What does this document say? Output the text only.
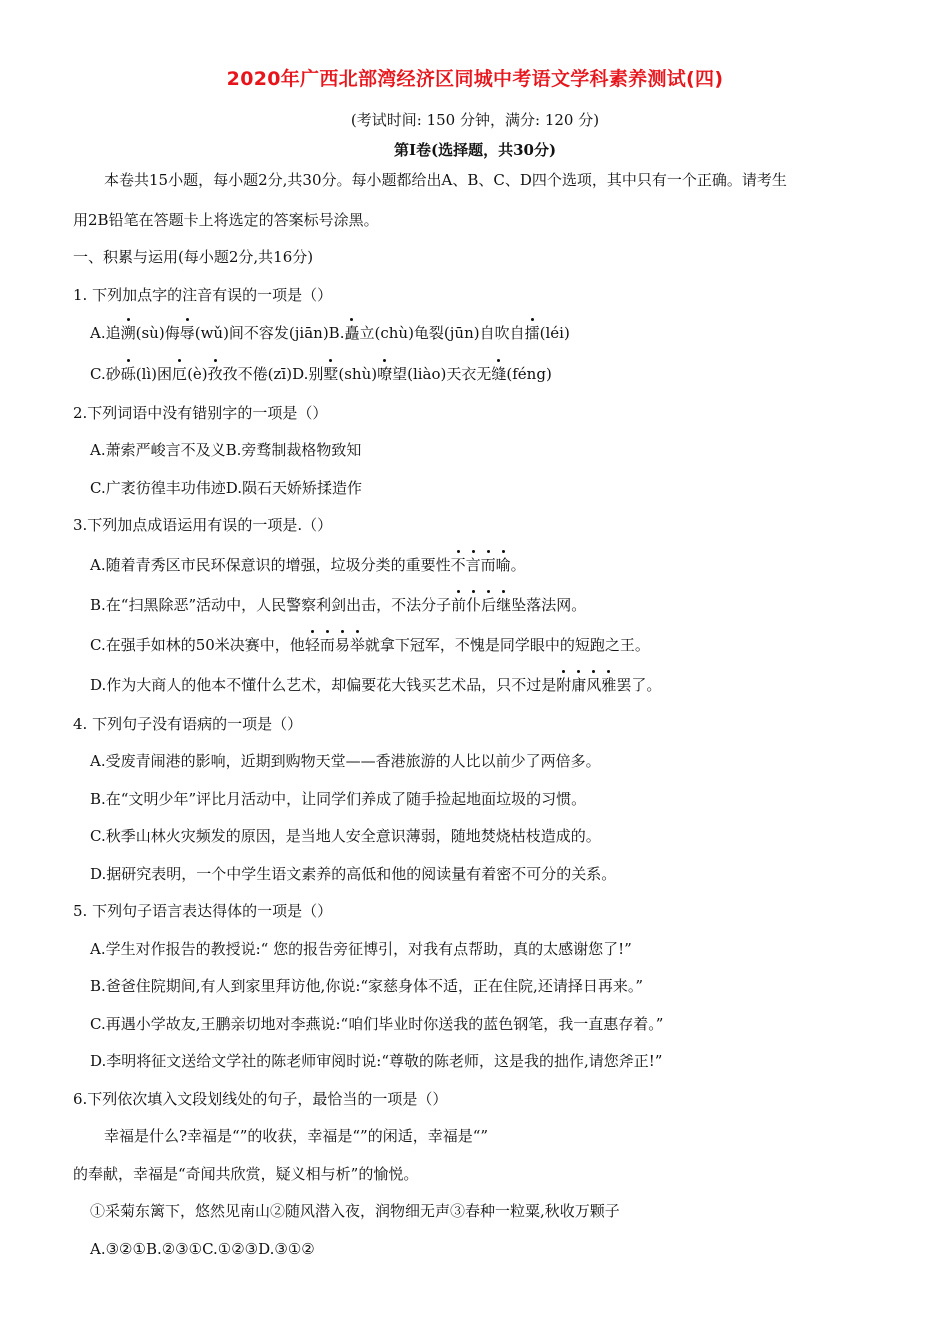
2020年广西北部湾经济区同城中考语文学科素养测试(四)
(考试时间: 150 分钟，满分: 120 分)
第Ⅰ卷(选择题，共30分)
本卷共15小题，每小题2分,共30分。每小题都给出A、B、C、D四个选项，其中只有一个正确。请考生
用2B铅笔在答题卡上将选定的答案标号涂黑。
一、积累与运用(每小题2分,共16分)
1. 下列加点字的注音有误的一项是（）
A.追溯(sù)侮辱(wǔ)间不容发(jiān)B.矗立(chù)龟裂(jūn)自吹自擂(léi)
C.砂砾(lì)困厄(è)孜孜不倦(zī)D.别墅(shù)嘹望(liào)天衣无缝(féng)
2.下列词语中没有错别字的一项是（）
A.萧索严峻言不及义B.旁骛制裁格物致知
C.广袤彷徨丰功伟迹D.陨石天娇矫揉造作
3.下列加点成语运用有误的一项是.（）
A.随着青秀区市民环保意识的增强，垃圾分类的重要性不言而喻。
B.在“扫黑除恶”活动中，人民警察利剑出击，不法分子前仆后继坠落法网。
C.在强手如林的50米决赛中，他轻而易举就拿下冠军，不愧是同学眼中的短跑之王。
D.作为大商人的他本不懂什么艺术，却偏要花大钱买艺术品，只不过是附庸风雅罢了。
4. 下列句子没有语病的一项是（）
A.受废青闹港的影响，近期到购物天堂——香港旅游的人比以前少了两倍多。
B.在“文明少年”评比月活动中，让同学们养成了随手捡起地面垃圾的习惯。
C.秋季山林火灾频发的原因，是当地人安全意识薄弱，随地焚烧枯枝造成的。
D.据研究表明，一个中学生语文素养的高低和他的阅读量有着密不可分的关系。
5. 下列句子语言表达得体的一项是（）
A.学生对作报告的教授说:“ 您的报告旁征博引，对我有点帮助，真的太感谢您了!”
B.爸爸住院期间,有人到家里拜访他,你说:“家慈身体不适，正在住院,还请择日再来。”
C.再遇小学故友,王鹏亲切地对李燕说:“咱们毕业时你送我的蓝色钢笔，我一直惠存着。”
D.李明将征文送给文学社的陈老师审阅时说:“尊敬的陈老师，这是我的拙作,请您斧正!”
6.下列依次填入文段划线处的句子，最恰当的一项是（）
幸福是什么?幸福是“”的收获，幸福是“”的闲适，幸福是“”
的奉献，幸福是“奇闻共欣赏，疑义相与析”的愉悦。
①采菊东篱下，悠然见南山②随风潜入夜，润物细无声③春种一粒粟,秋收万颗子
A.③②①B.②③①C.①②③D.③①②
